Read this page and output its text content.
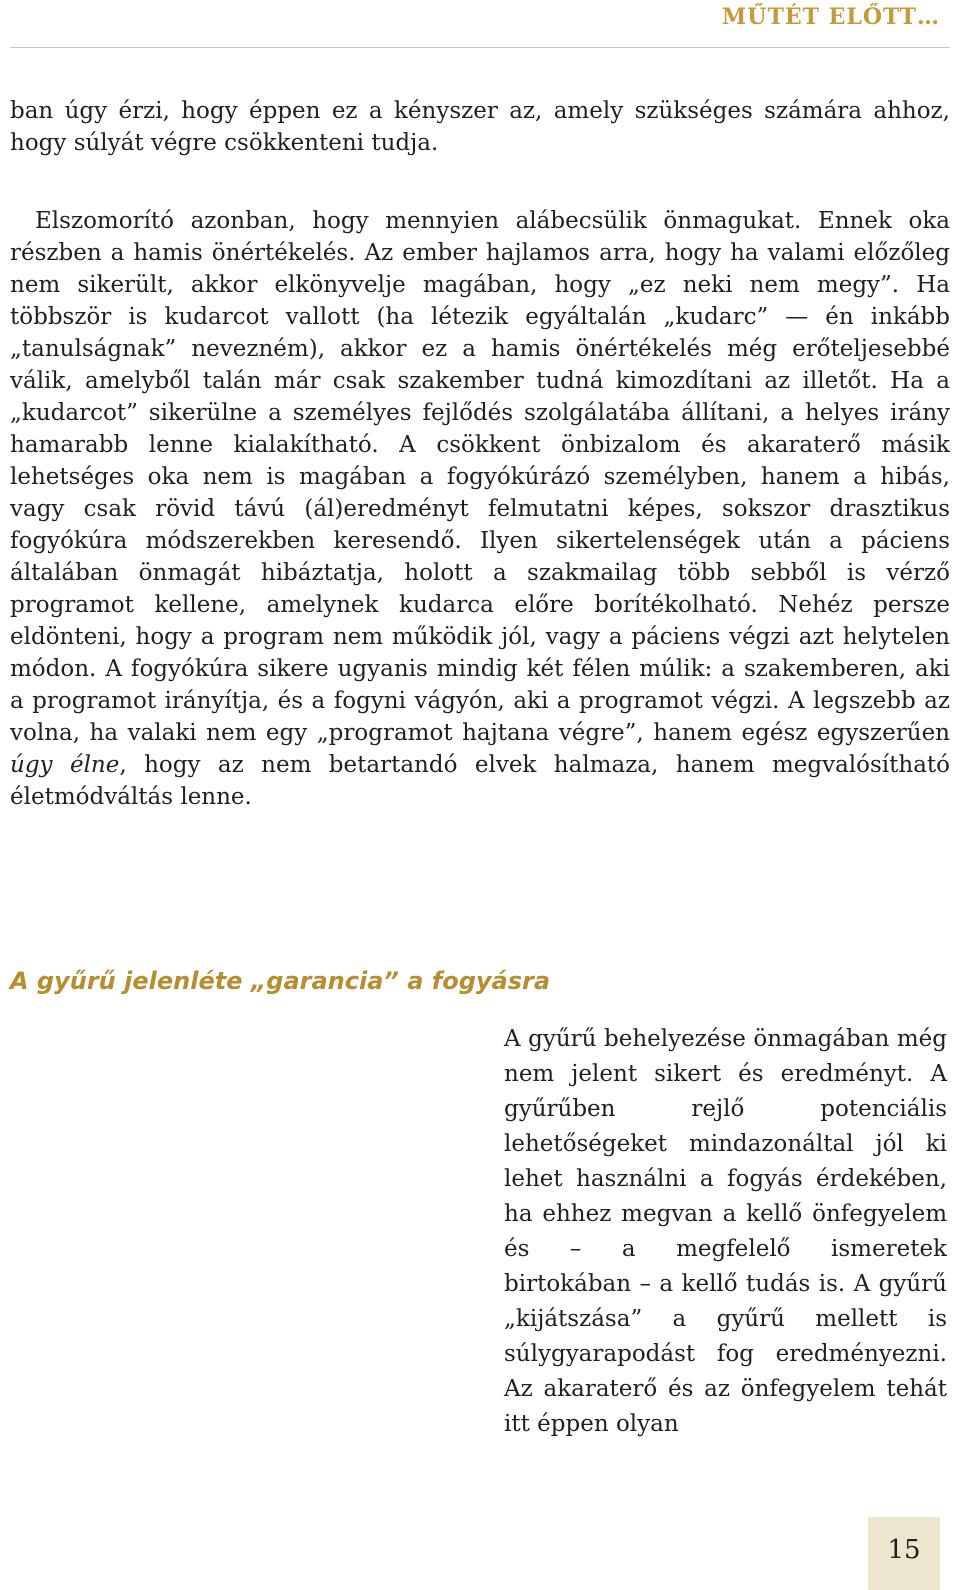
MŰTÉT ELŐTT…

ban úgy érzi, hogy éppen ez a kényszer az, amely szükséges számára ahhoz, hogy súlyát végre csökkenteni tudja.

Elszomorító azonban, hogy mennyien alábecsülik önmagukat. Ennek oka részben a hamis önértékelés. Az ember hajlamos arra, hogy ha valami előzőleg nem sikerült, akkor elkönyvelje magában, hogy „ez neki nem megy”. Ha többször is kudarcot vallott (ha létezik egyáltalán „kudarc” — én inkább „tanulságnak” nevezném), akkor ez a hamis önértékelés még erőteljesebbé válik, amelyből talán már csak szakember tudná kimozdítani az illetőt. Ha a „kudarcot” sikerülne a személyes fejlődés szolgálatába állítani, a helyes irány hamarabb lenne kialakítható. A csökkent önbizalom és akaraterő másik lehetséges oka nem is magában a fogyókúrázó személyben, hanem a hibás, vagy csak rövid távú (ál)eredményt felmutatni képes, sokszor drasztikus fogyókúra módszerekben keresendő. Ilyen sikertelenségek után a páciens általában önmagát hibáztatja, holott a szakmailag több sebből is vérző programot kellene, amelynek kudarca előre borítékolható. Nehéz persze eldönteni, hogy a program nem működik jól, vagy a páciens végzi azt helytelen módon. A fogyókúra sikere ugyanis mindig két félen múlik: a szakemberen, aki a programot irányítja, és a fogyni vágyón, aki a programot végzi. A legszebb az volna, ha valaki nem egy „programot hajtana végre”, hanem egész egyszerűen úgy élne, hogy az nem betartandó elvek halmaza, hanem megvalósítható életmódváltás lenne.

A gyűrű jelenléte „garancia” a fogyásra

A gyűrű behelyezése önmagában még nem jelent sikert és eredményt. A gyűrűben rejlő potenciális lehetőségeket mindazonáltal jól ki lehet használni a fogyás érdekében, ha ehhez megvan a kellő önfegyelem és – a megfelelő ismeretek birtokában – a kellő tudás is. A gyűrű „kijátszása” a gyűrű mellett is súlygyarapodást fog eredményezni. Az akaraterő és az önfegyelem tehát itt éppen olyan

15
